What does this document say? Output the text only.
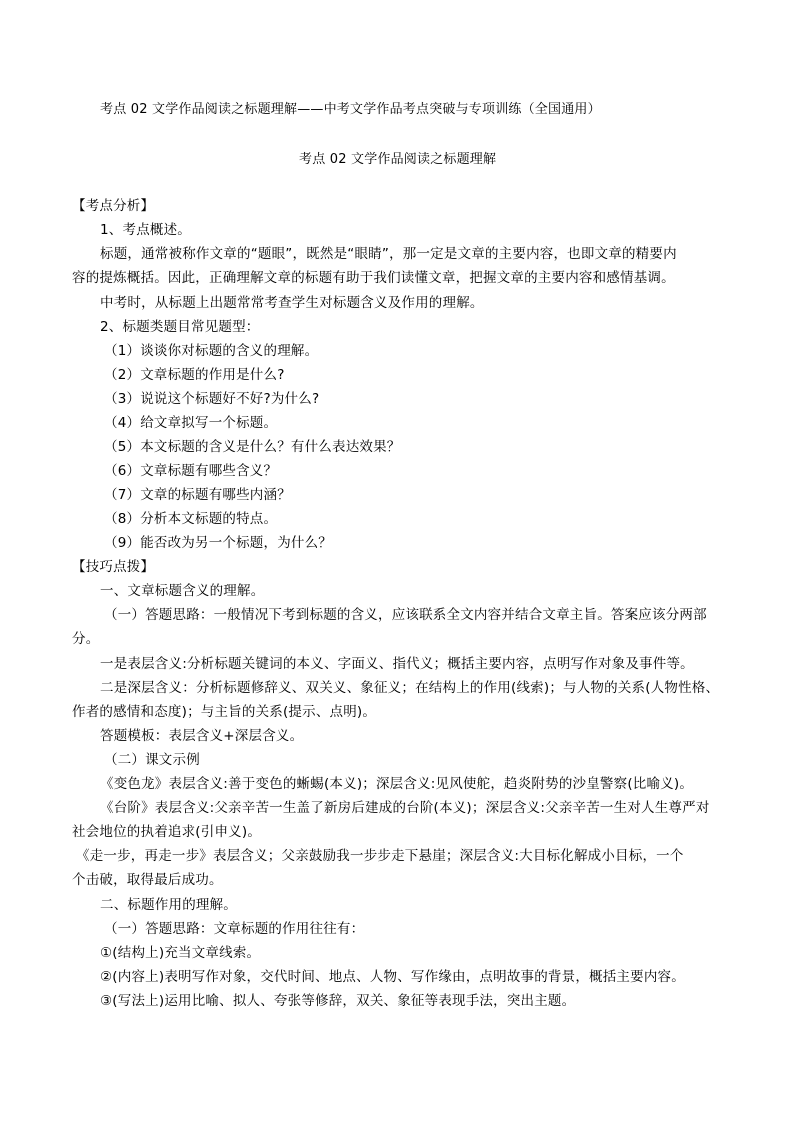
考点 02 文学作品阅读之标题理解——中考文学作品考点突破与专项训练（全国通用）
考点 02 文学作品阅读之标题理解
【考点分析】
1、考点概述。
标题，通常被称作文章的“题眼”，既然是“眼睛”，那一定是文章的主要内容，也即文章的精要内
容的提炼概括。因此，正确理解文章的标题有助于我们读懂文章，把握文章的主要内容和感情基调。
中考时，从标题上出题常常考查学生对标题含义及作用的理解。
2、标题类题目常见题型：
（1）谈谈你对标题的含义的理解。
（2）文章标题的作用是什么?
（3）说说这个标题好不好?为什么?
（4）给文章拟写一个标题。
（5）本文标题的含义是什么？有什么表达效果？
（6）文章标题有哪些含义？
（7）文章的标题有哪些内涵？
（8）分析本文标题的特点。
（9）能否改为另一个标题，为什么？
【技巧点拨】
一、文章标题含义的理解。
（一）答题思路：一般情况下考到标题的含义，应该联系全文内容并结合文章主旨。答案应该分两部
分。
一是表层含义:分析标题关键词的本义、字面义、指代义；概括主要内容，点明写作对象及事件等。
二是深层含义：分析标题修辞义、双关义、象征义；在结构上的作用(线索)；与人物的关系(人物性格、
作者的感情和态度)；与主旨的关系(提示、点明)。
答题模板：表层含义+深层含义。
（二）课文示例
《变色龙》表层含义:善于变色的蜥蜴(本义)；深层含义:见风使舵，趋炎附势的沙皇警察(比喻义)。
《台阶》表层含义:父亲辛苦一生盖了新房后建成的台阶(本义)；深层含义:父亲辛苦一生对人生尊严对
社会地位的执着追求(引申义)。
《走一步，再走一步》表层含义；父亲鼓励我一步步走下悬崖；深层含义:大目标化解成小目标，一个
个击破，取得最后成功。
二、标题作用的理解。
（一）答题思路：文章标题的作用往往有：
①(结构上)充当文章线索。
②(内容上)表明写作对象，交代时间、地点、人物、写作缘由，点明故事的背景，概括主要内容。
③(写法上)运用比喻、拟人、夸张等修辞，双关、象征等表现手法，突出主题。
